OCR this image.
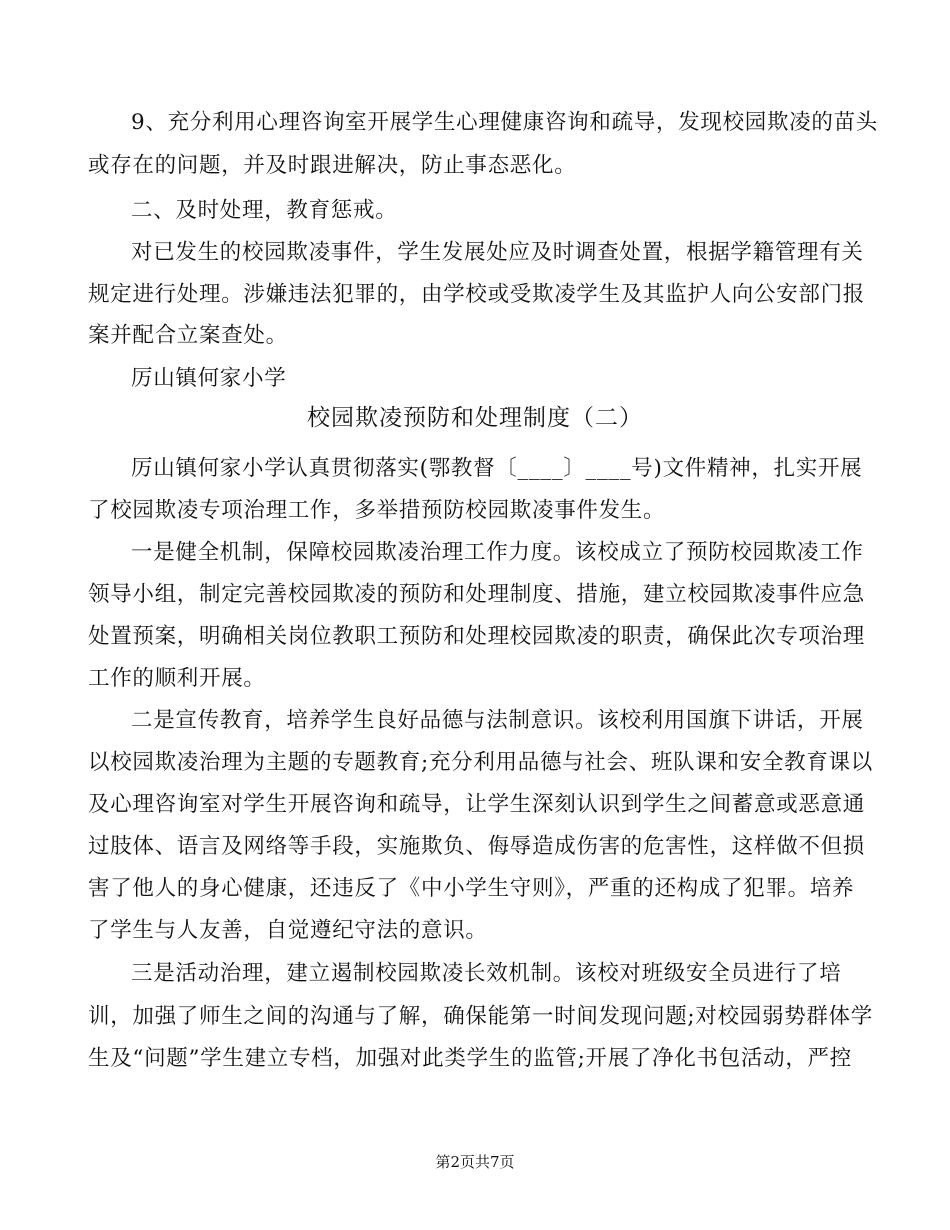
9、充分利用心理咨询室开展学生心理健康咨询和疏导，发现校园欺凌的苗头
或存在的问题，并及时跟进解决，防止事态恶化。
二、及时处理，教育惩戒。
对已发生的校园欺凌事件，学生发展处应及时调查处置，根据学籍管理有关
规定进行处理。涉嫌违法犯罪的，由学校或受欺凌学生及其监护人向公安部门报
案并配合立案查处。
厉山镇何家小学
校园欺凌预防和处理制度（二）
厉山镇何家小学认真贯彻落实(鄂教督〔____〕____号)文件精神，扎实开展
了校园欺凌专项治理工作，多举措预防校园欺凌事件发生。
一是健全机制，保障校园欺凌治理工作力度。该校成立了预防校园欺凌工作
领导小组，制定完善校园欺凌的预防和处理制度、措施，建立校园欺凌事件应急
处置预案，明确相关岗位教职工预防和处理校园欺凌的职责，确保此次专项治理
工作的顺利开展。
二是宣传教育，培养学生良好品德与法制意识。该校利用国旗下讲话，开展
以校园欺凌治理为主题的专题教育;充分利用品德与社会、班队课和安全教育课以
及心理咨询室对学生开展咨询和疏导，让学生深刻认识到学生之间蓄意或恶意通
过肢体、语言及网络等手段，实施欺负、侮辱造成伤害的危害性，这样做不但损
害了他人的身心健康，还违反了《中小学生守则》，严重的还构成了犯罪。培养
了学生与人友善，自觉遵纪守法的意识。
三是活动治理，建立遏制校园欺凌长效机制。该校对班级安全员进行了培
训，加强了师生之间的沟通与了解，确保能第一时间发现问题;对校园弱势群体学
生及“问题”学生建立专档，加强对此类学生的监管;开展了净化书包活动，严控
第2页共7页
